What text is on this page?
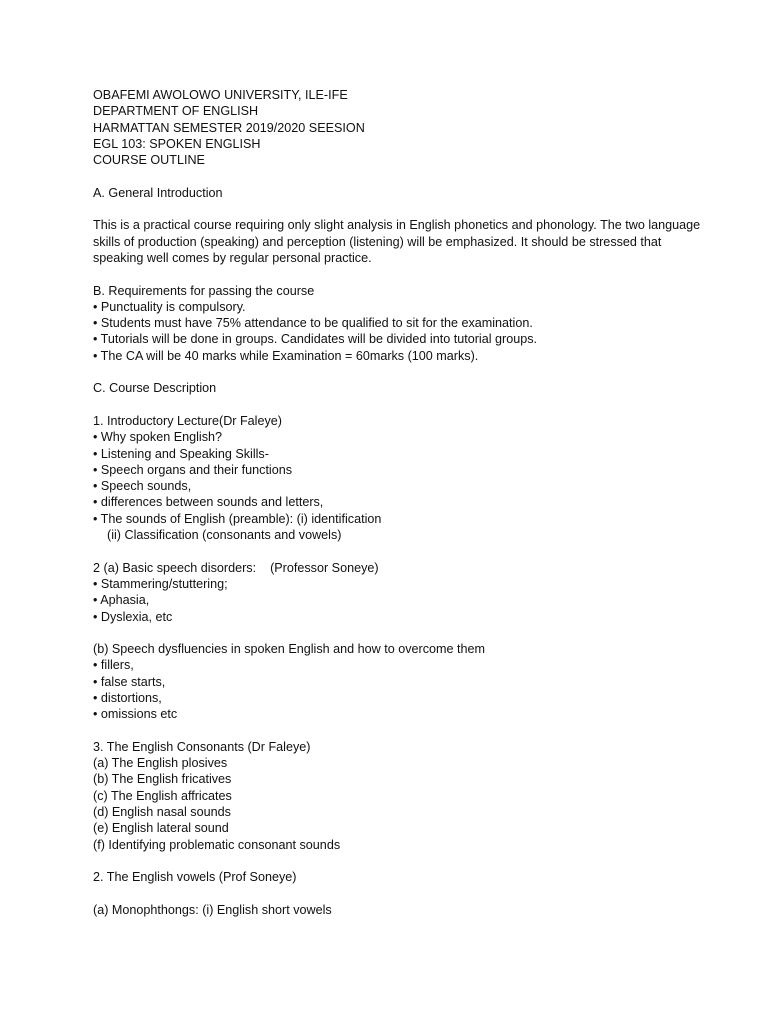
OBAFEMI AWOLOWO UNIVERSITY, ILE-IFE
DEPARTMENT OF ENGLISH
HARMATTAN SEMESTER 2019/2020 SEESION
EGL 103: SPOKEN ENGLISH
COURSE OUTLINE
A. General Introduction
This is a practical course requiring only slight analysis in English phonetics and phonology. The two language skills of production (speaking) and perception (listening) will be emphasized. It should be stressed that speaking well comes by regular personal practice.
B. Requirements for passing the course
• Punctuality is compulsory.
• Students must have 75% attendance to be qualified to sit for the examination.
• Tutorials will be done in groups. Candidates will be divided into tutorial groups.
• The CA will be 40 marks while Examination = 60marks (100 marks).
C. Course Description
1. Introductory Lecture(Dr Faleye)
• Why spoken English?
• Listening and Speaking Skills-
• Speech organs and their functions
• Speech sounds,
• differences between sounds and letters,
• The sounds of English (preamble): (i) identification
(ii) Classification (consonants and vowels)
2 (a) Basic speech disorders:    (Professor Soneye)
• Stammering/stuttering;
• Aphasia,
• Dyslexia, etc
(b) Speech dysfluencies in spoken English and how to overcome them
• fillers,
• false starts,
• distortions,
• omissions etc
3. The English Consonants (Dr Faleye)
(a) The English plosives
(b) The English fricatives
(c) The English affricates
(d) English nasal sounds
(e) English lateral sound
(f) Identifying problematic consonant sounds
2. The English vowels (Prof Soneye)
(a) Monophthongs: (i) English short vowels
